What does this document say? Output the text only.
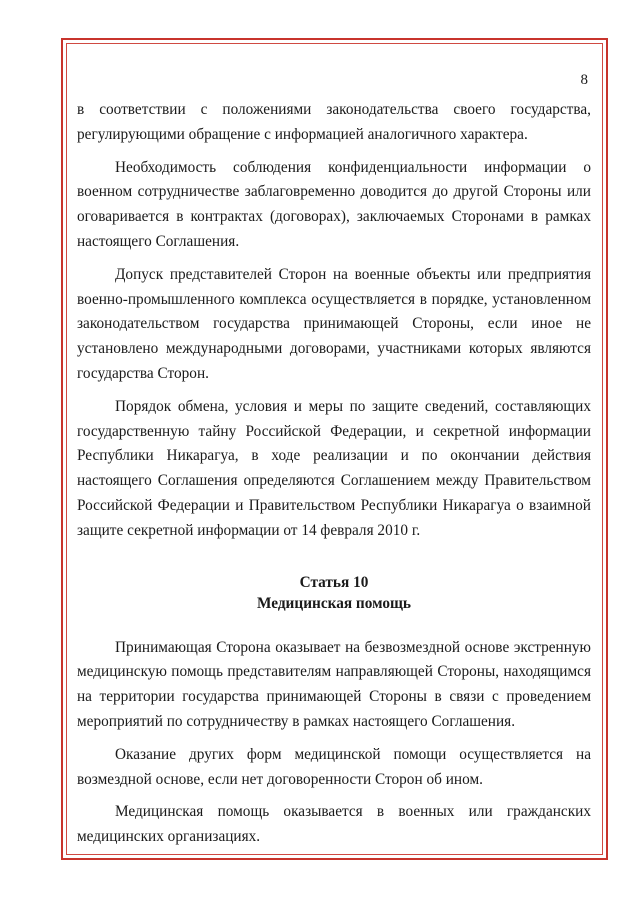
8

в соответствии с положениями законодательства своего государства, регулирующими обращение с информацией аналогичного характера.

Необходимость соблюдения конфиденциальности информации о военном сотрудничестве заблаговременно доводится до другой Стороны или оговаривается в контрактах (договорах), заключаемых Сторонами в рамках настоящего Соглашения.

Допуск представителей Сторон на военные объекты или предприятия военно-промышленного комплекса осуществляется в порядке, установленном законодательством государства принимающей Стороны, если иное не установлено международными договорами, участниками которых являются государства Сторон.

Порядок обмена, условия и меры по защите сведений, составляющих государственную тайну Российской Федерации, и секретной информации Республики Никарагуа, в ходе реализации и по окончании действия настоящего Соглашения определяются Соглашением между Правительством Российской Федерации и Правительством Республики Никарагуа о взаимной защите секретной информации от 14 февраля 2010 г.

Статья 10

Медицинская помощь

Принимающая Сторона оказывает на безвозмездной основе экстренную медицинскую помощь представителям направляющей Стороны, находящимся на территории государства принимающей Стороны в связи с проведением мероприятий по сотрудничеству в рамках настоящего Соглашения.

Оказание других форм медицинской помощи осуществляется на возмездной основе, если нет договоренности Сторон об ином.

Медицинская помощь оказывается в военных или гражданских медицинских организациях.
